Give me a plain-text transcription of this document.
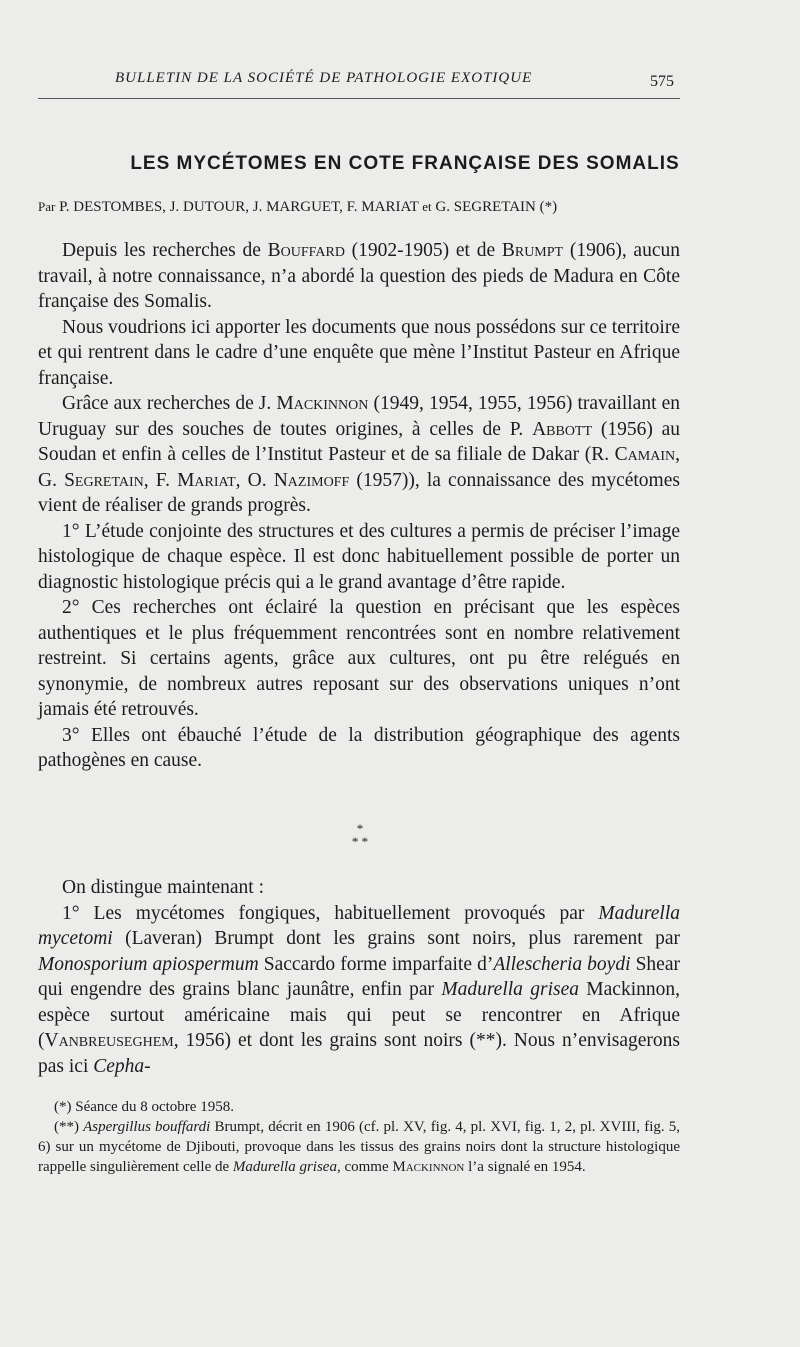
BULLETIN DE LA SOCIÉTÉ DE PATHOLOGIE EXOTIQUE	575
LES MYCÉTOMES EN COTE FRANÇAISE DES SOMALIS
Par P. DESTOMBES, J. DUTOUR, J. MARGUET, F. MARIAT et G. SEGRETAIN (*)

Depuis les recherches de Bouffard (1902-1905) et de Brumpt (1906), aucun travail, à notre connaissance, n’a abordé la question des pieds de Madura en Côte française des Somalis.

Nous voudrions ici apporter les documents que nous possédons sur ce territoire et qui rentrent dans le cadre d’une enquête que mène l’Institut Pasteur en Afrique française.

Grâce aux recherches de J. Mackinnon (1949, 1954, 1955, 1956) travaillant en Uruguay sur des souches de toutes origines, à celles de P. Abbott (1956) au Soudan et enfin à celles de l’Institut Pasteur et de sa filiale de Dakar (R. Camain, G. Segretain, F. Mariat, O. Nazimoff (1957)), la connaissance des mycétomes vient de réaliser de grands progrès.

1° L’étude conjointe des structures et des cultures a permis de préciser l’image histologique de chaque espèce. Il est donc habituellement possible de porter un diagnostic histologique précis qui a le grand avantage d’être rapide.

2° Ces recherches ont éclairé la question en précisant que les espèces authentiques et le plus fréquemment rencontrées sont en nombre relativement restreint. Si certains agents, grâce aux cultures, ont pu être relégués en synonymie, de nombreux autres reposant sur des observations uniques n’ont jamais été retrouvés.

3° Elles ont ébauché l’étude de la distribution géographique des agents pathogènes en cause.

*
* *

On distingue maintenant :

1° Les mycétomes fongiques, habituellement provoqués par Madurella mycetomi (Laveran) Brumpt dont les grains sont noirs, plus rarement par Monosporium apiospermum Saccardo forme imparfaite d’Allescheria boydi Shear qui engendre des grains blanc jaunâtre, enfin par Madurella grisea Mackinnon, espèce surtout américaine mais qui peut se rencontrer en Afrique (Vanbreuseghem, 1956) et dont les grains sont noirs (**). Nous n’envisagerons pas ici Cepha-

(*) Séance du 8 octobre 1958.

(**) Aspergillus bouffardi Brumpt, décrit en 1906 (cf. pl. XV, fig. 4, pl. XVI, fig. 1, 2, pl. XVIII, fig. 5, 6) sur un mycétome de Djibouti, provoque dans les tissus des grains noirs dont la structure histologique rappelle singulièrement celle de Madurella grisea, comme Mackinnon l’a signalé en 1954.
